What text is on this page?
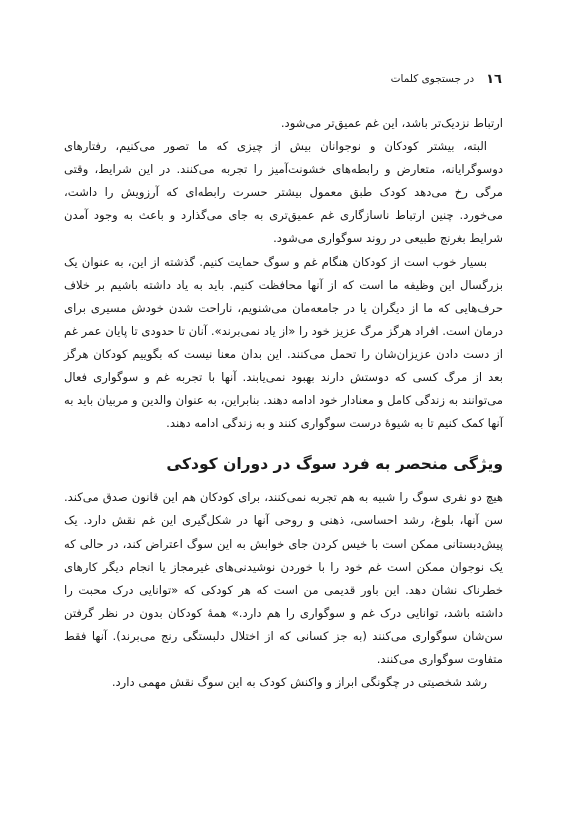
١٦
در جستجوی کلمات

ارتباط نزدیک‌تر باشد، این غم عمیق‌تر می‌شود.

البته، بیشتر کودکان و نوجوانان بیش از چیزی که ما تصور می‌کنیم، رفتارهای دوسوگرایانه، متعارض و رابطه‌های خشونت‌آمیز را تجربه می‌کنند. در این شرایط، وقتی مرگی رخ می‌دهد کودک طبق معمول بیشتر حسرت رابطه‌ای که آرزویش را داشت، می‌خورد. چنین ارتباط ناسازگاری غم عمیق‌تری به جای می‌گذارد و باعث به وجود آمدن شرایط بغرنج طبیعی در روند سوگواری می‌شود.

بسیار خوب است از کودکان هنگام غم و سوگ حمایت کنیم. گذشته از این، به عنوان یک بزرگسال این وظیفه ما است که از آنها محافظت کنیم. باید به یاد داشته باشیم بر خلاف حرف‌هایی که ما از دیگران یا در جامعه‌مان می‌شنویم، ناراحت شدن خودش مسیری برای درمان است. افراد هرگز مرگ عزیز خود را «از یاد نمی‌برند». آنان تا حدودی تا پایان عمر غم از دست دادن عزیزان‌شان را تحمل می‌کنند. این بدان معنا نیست که بگوییم کودکان هرگز بعد از مرگ کسی که دوستش دارند بهبود نمی‌یابند. آنها با تجربه غم و سوگواری فعال می‌توانند به زندگی کامل و معنادار خود ادامه دهند. بنابراین، به عنوان والدین و مربیان باید به آنها کمک کنیم تا به شیوهٔ درست سوگواری کنند و به زندگی ادامه دهند.

ویژگی منحصر به فرد سوگ در دوران کودکی

هیچ دو نفری سوگ را شبیه به هم تجربه نمی‌کنند، برای کودکان هم این قانون صدق می‌کند. سن آنها، بلوغ، رشد احساسی، ذهنی و روحی آنها در شکل‌گیری این غم نقش دارد. یک پیش‌دبستانی ممکن است با خیس کردن جای خوابش به این سوگ اعتراض کند، در حالی که یک نوجوان ممکن است غم خود را با خوردن نوشیدنی‌های غیرمجاز یا انجام دیگر کارهای خطرناک نشان دهد. این باور قدیمی من است که هر کودکی که «توانایی درک محبت را داشته باشد، توانایی درک غم و سوگواری را هم دارد.» همهٔ کودکان بدون در نظر گرفتن سن‌شان سوگواری می‌کنند (به جز کسانی که از اختلال دلبستگی رنج می‌برند). آنها فقط متفاوت سوگواری می‌کنند.

رشد شخصیتی در چگونگی ابراز و واکنش کودک به این سوگ نقش مهمی دارد.
